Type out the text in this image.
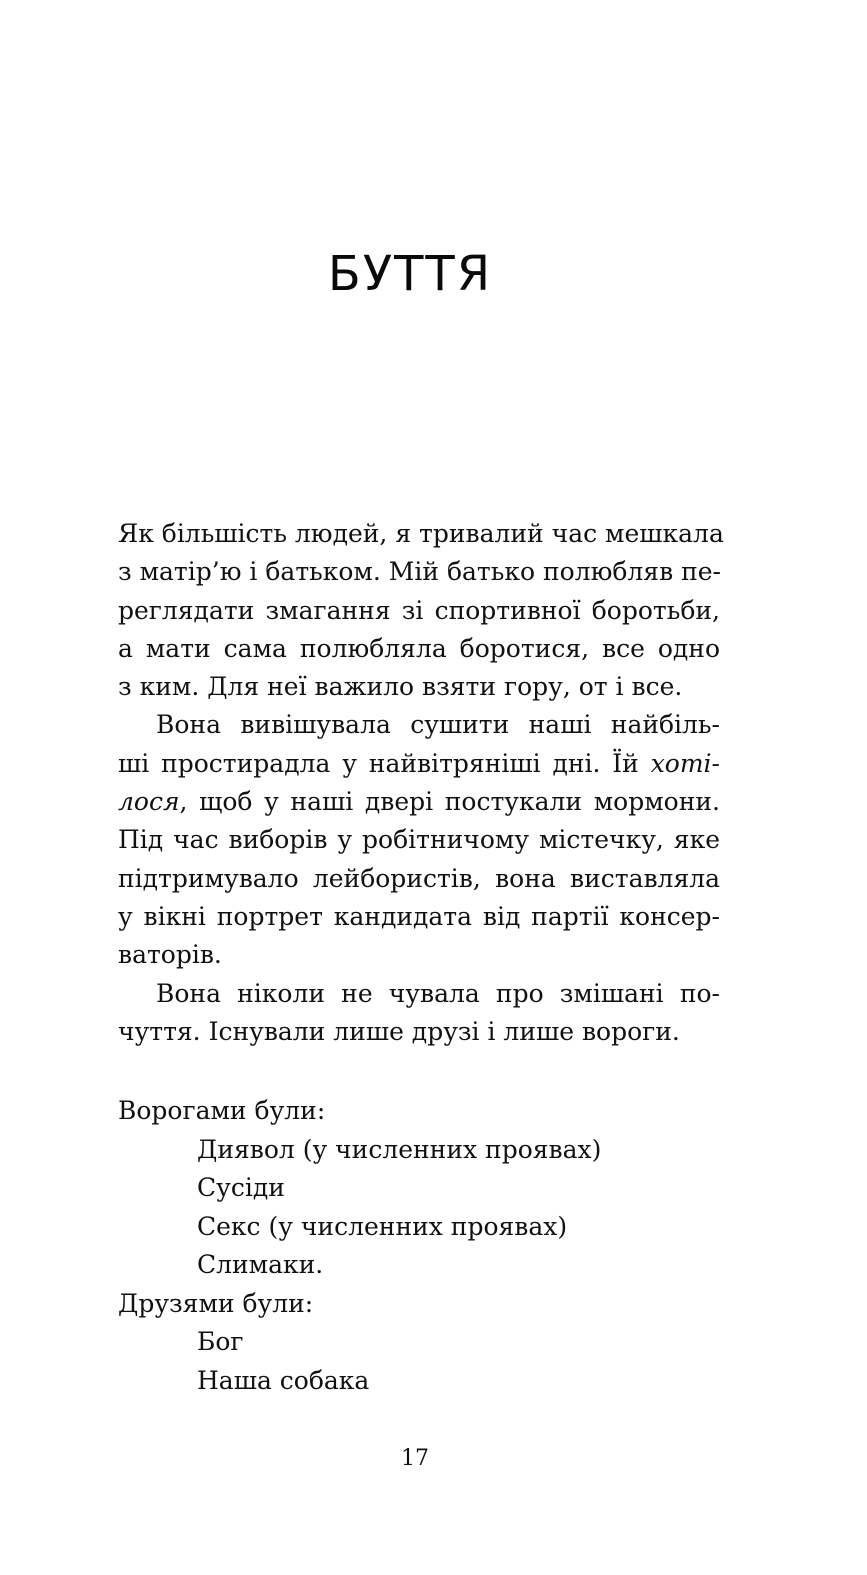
БУТТЯ
Як більшість людей, я тривалий час мешкала
з матір’ю і батьком. Мій батько полюбляв пе-
реглядати змагання зі спортивної боротьби,
а мати сама полюбляла боротися, все одно
з ким. Для неї важило взяти гору, от і все.
Вона вивішувала сушити наші найбіль-
ші простирадла у найвітряніші дні. Їй хоті-
лося, щоб у наші двері постукали мормони.
Під час виборів у робітничому містечку, яке
підтримувало лейбористів, вона виставляла
у вікні портрет кандидата від партії консер-
ваторів.
Вона ніколи не чувала про змішані по-
чуття. Існували лише друзі і лише вороги.
Ворогами були:
Диявол (у численних проявах)
Сусіди
Секс (у численних проявах)
Слимаки.
Друзями були:
Бог
Наша собака
17
